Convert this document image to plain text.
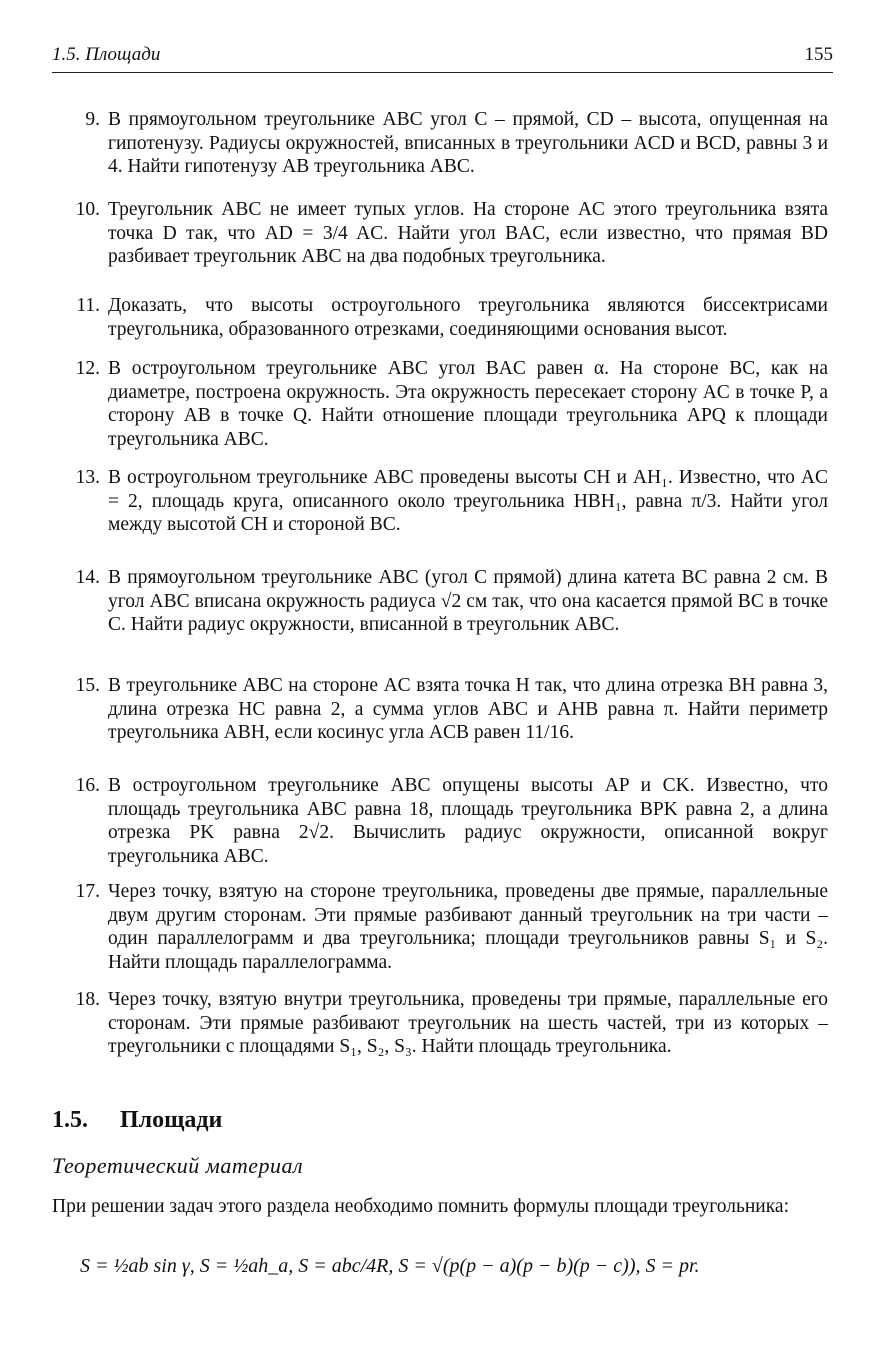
1.5. Площади	155
9. В прямоугольном треугольнике ABC угол C – прямой, CD – высота, опущенная на гипотенузу. Радиусы окружностей, вписанных в треугольники ACD и BCD, равны 3 и 4. Найти гипотенузу AB треугольника ABC.
10. Треугольник ABC не имеет тупых углов. На стороне AC этого треугольника взята точка D так, что AD = 3/4 AC. Найти угол BAC, если известно, что прямая BD разбивает треугольник ABC на два подобных треугольника.
11. Доказать, что высоты остроугольного треугольника являются биссектрисами треугольника, образованного отрезками, соединяющими основания высот.
12. В остроугольном треугольнике ABC угол BAC равен α. На стороне BC, как на диаметре, построена окружность. Эта окружность пересекает сторону AC в точке P, а сторону AB в точке Q. Найти отношение площади треугольника APQ к площади треугольника ABC.
13. В остроугольном треугольнике ABC проведены высоты CH и AH₁. Известно, что AC = 2, площадь круга, описанного около треугольника HBH₁, равна π/3. Найти угол между высотой CH и стороной BC.
14. В прямоугольном треугольнике ABC (угол C прямой) длина катета BC равна 2 см. В угол ABC вписана окружность радиуса √2 см так, что она касается прямой BC в точке C. Найти радиус окружности, вписанной в треугольник ABC.
15. В треугольнике ABC на стороне AC взята точка H так, что длина отрезка BH равна 3, длина отрезка HC равна 2, а сумма углов ABC и AHB равна π. Найти периметр треугольника ABH, если косинус угла ACB равен 11/16.
16. В остроугольном треугольнике ABC опущены высоты AP и CK. Известно, что площадь треугольника ABC равна 18, площадь треугольника BPK равна 2, а длина отрезка PK равна 2√2. Вычислить радиус окружности, описанной вокруг треугольника ABC.
17. Через точку, взятую на стороне треугольника, проведены две прямые, параллельные двум другим сторонам. Эти прямые разбивают данный треугольник на три части – один параллелограмм и два треугольника; площади треугольников равны S₁ и S₂. Найти площадь параллелограмма.
18. Через точку, взятую внутри треугольника, проведены три прямые, параллельные его сторонам. Эти прямые разбивают треугольник на шесть частей, три из которых – треугольники с площадями S₁, S₂, S₃. Найти площадь треугольника.
1.5. Площади
Теоретический материал
При решении задач этого раздела необходимо помнить формулы площади треугольника:
S = ½ab sin γ, S = ½ah_a, S = abc/4R, S = √(p(p − a)(p − b)(p − c)), S = pr.
